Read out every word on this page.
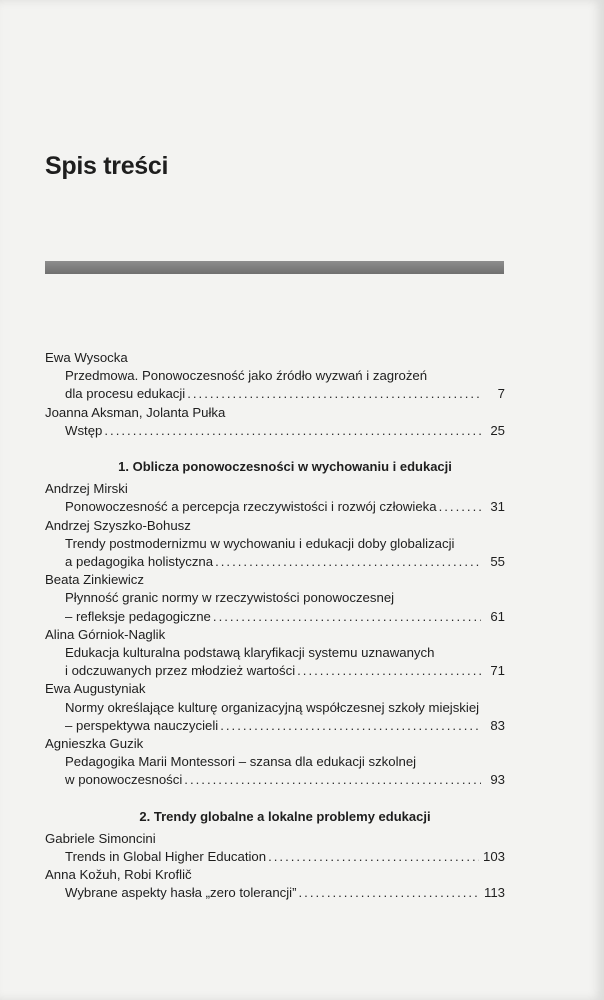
Spis treści
Ewa Wysocka
Przedmowa. Ponowoczesność jako źródło wyzwań i zagrożeń
dla procesu edukacji .....	7
Joanna Aksman, Jolanta Pułka
Wstęp .....	25
1. Oblicza ponowoczesności w wychowaniu i edukacji
Andrzej Mirski
Ponowoczesność a percepcja rzeczywistości i rozwój człowieka .....	31
Andrzej Szyszko-Bohusz
Trendy postmodernizmu w wychowaniu i edukacji doby globalizacji
a pedagogika holistyczna .....	55
Beata Zinkiewicz
Płynność granic normy w rzeczywistości ponowoczesnej
– refleksje pedagogiczne .....	61
Alina Górniok-Naglik
Edukacja kulturalna podstawą klaryfikacji systemu uznawanych
i odczuwanych przez młodzież wartości .....	71
Ewa Augustyniak
Normy określające kulturę organizacyjną współczesnej szkoły miejskiej
– perspektywa nauczycieli .....	83
Agnieszka Guzik
Pedagogika Marii Montessori – szansa dla edukacji szkolnej
w ponowoczesności .....	93
2. Trendy globalne a lokalne problemy edukacji
Gabriele Simoncini
Trends in Global Higher Education .....	103
Anna Kožuh, Robi Kroflič
Wybrane aspekty hasła „zero tolerancji” .....	113
